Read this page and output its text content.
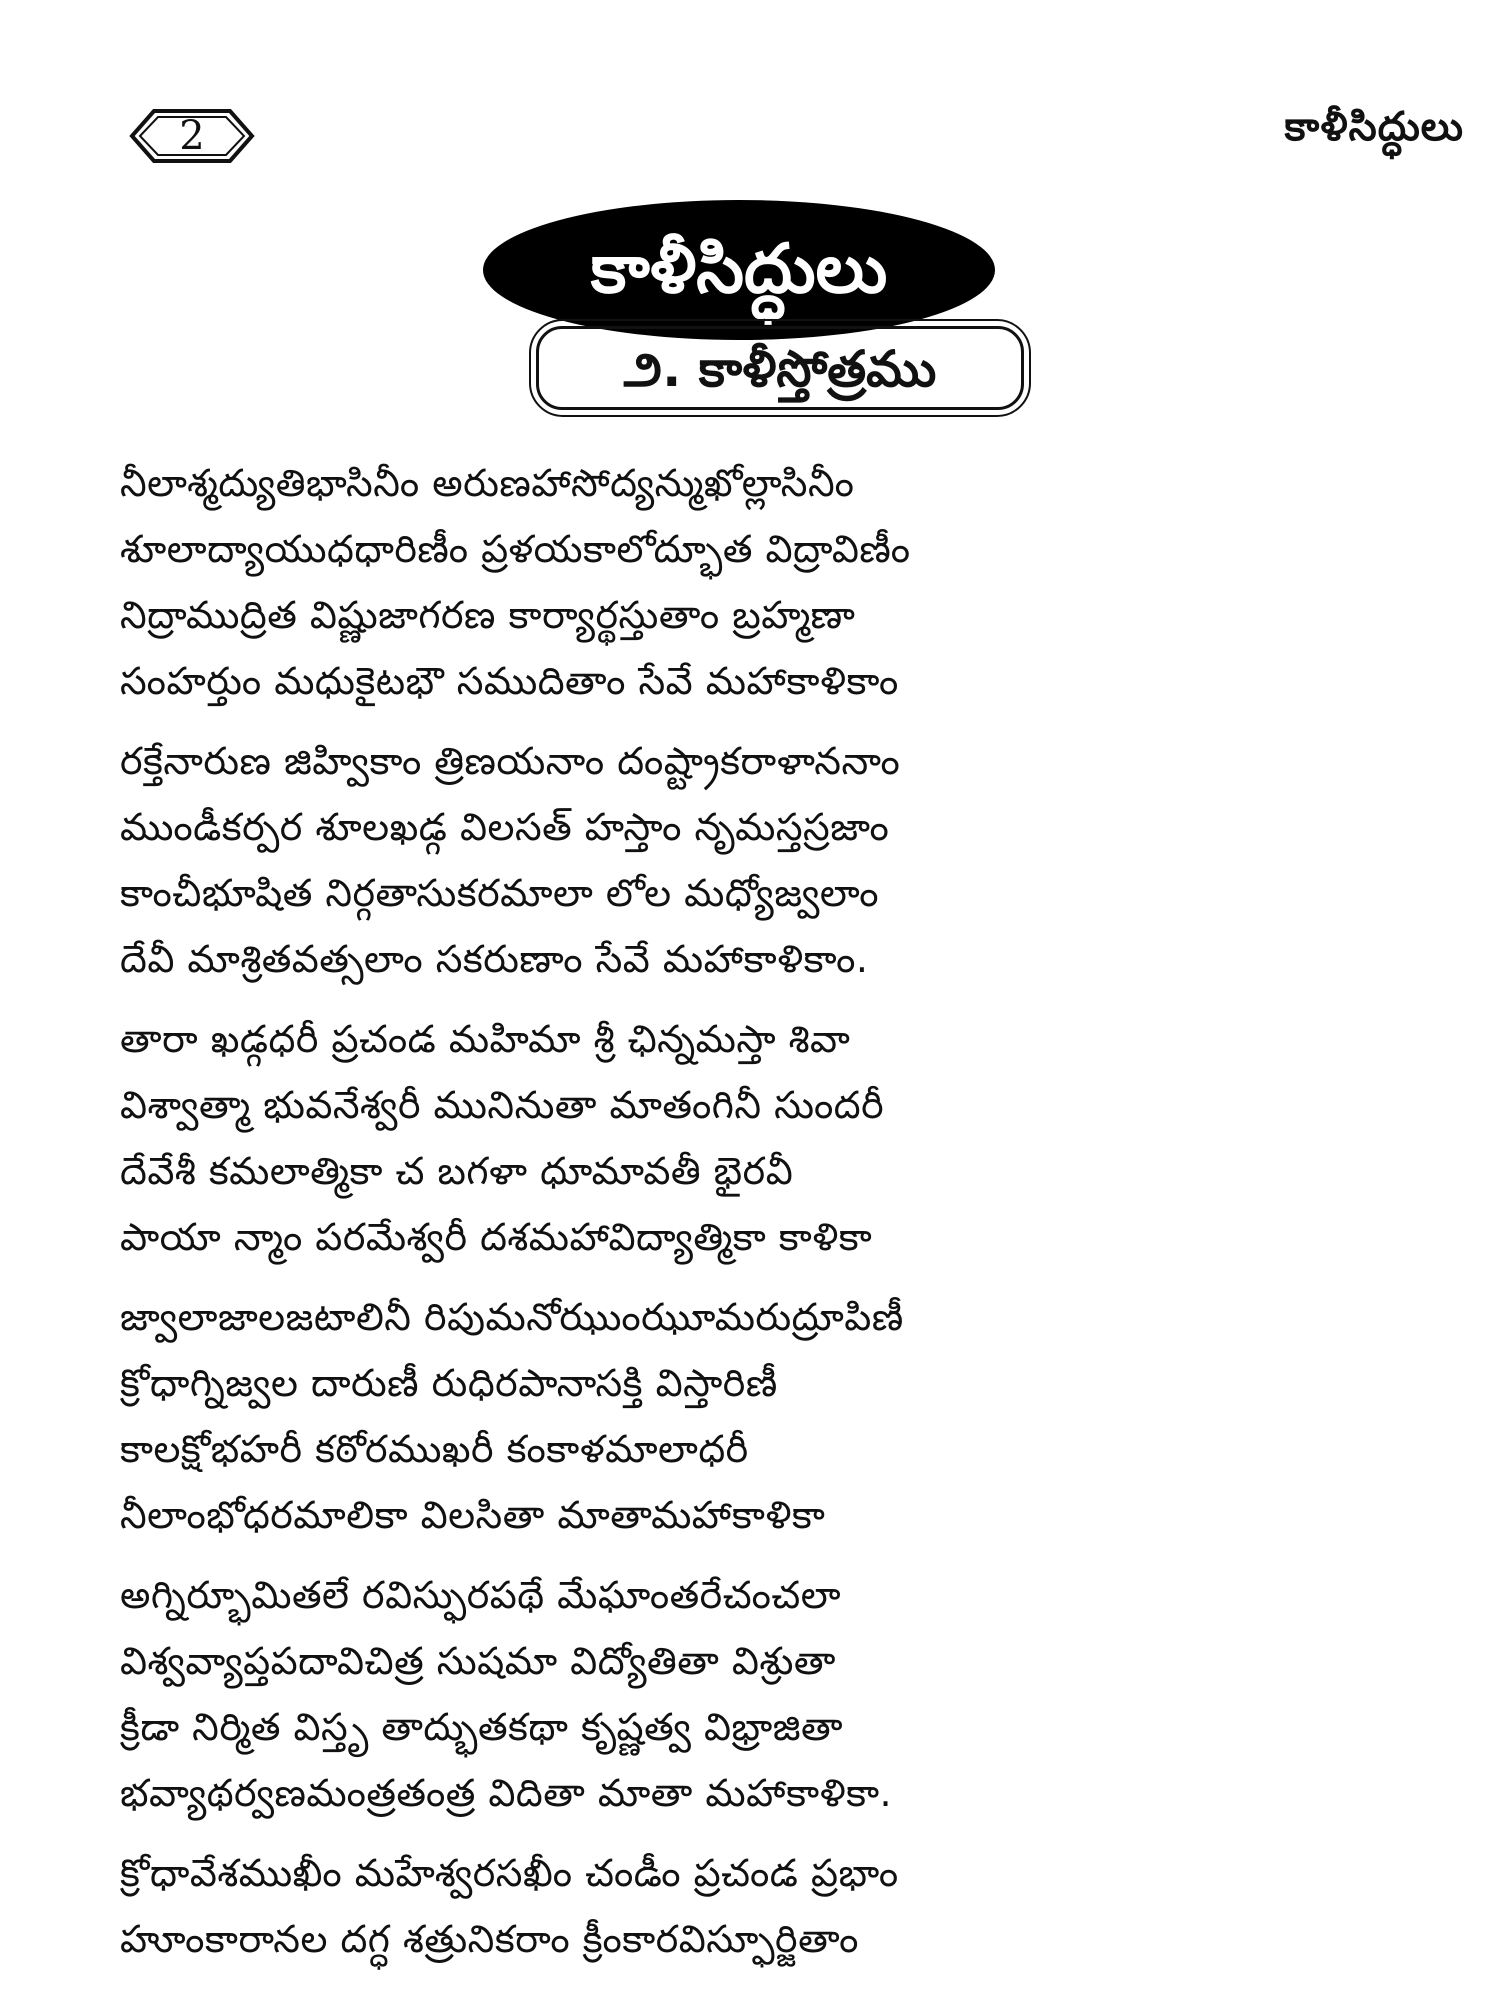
2	కాళీసిద్ధులు
కాళీసిద్ధులు
౨. కాళీస్తోత్రము
నీలాశ్మద్యుతిభాసినీం అరుణహాసోద్యన్ముఖోల్లాసినీం
శూలాద్యాయుధధారిణీం ప్రళయకాలోద్భూత విద్రావిణీం
నిద్రాముద్రిత విష్ణుజాగరణ కార్యార్థస్తుతాం బ్రహ్మణా
సంహర్తుం మధుకైటభౌ సముదితాం సేవే మహాకాళికాం
రక్తేనారుణ జిహ్వికాం త్రిణయనాం దంష్ట్రాకరాళాననాం
ముండీకర్పర శూలఖడ్గ విలసత్ హస్తాం నృమస్తస్రజాం
కాంచీభూషిత నిర్గతాసుకరమాలా లోల మధ్యోజ్వలాం
దేవీ మాశ్రితవత్సలాం సకరుణాం సేవే మహాకాళికాం.
తారా ఖడ్గధరీ ప్రచండ మహిమా శ్రీ ఛిన్నమస్తా శివా
విశ్వాత్మా భువనేశ్వరీ మునినుతా మాతంగినీ సుందరీ
దేవేశీ కమలాత్మికా చ బగళా ధూమావతీ భైరవీ
పాయా న్మాం పరమేశ్వరీ దశమహావిద్యాత్మికా కాళికా
జ్వాలాజాలజటాలినీ రిపుమనోఝుంఝూమరుద్రూపిణీ
క్రోధాగ్నిజ్వల దారుణీ రుధిరపానాసక్తి విస్తారిణీ
కాలక్షోభహరీ కఠోరముఖరీ కంకాళమాలాధరీ
నీలాంభోధరమాలికా విలసితా మాతామహాకాళికా
అగ్నిర్భూమితలే రవిస్ఫురపథే మేఘాంతరేచంచలా
విశ్వవ్యాప్తపదావిచిత్ర సుషమా విద్యోతితా విశ్రుతా
క్రీడా నిర్మిత విస్తృ తాద్భుతకథా కృష్ణత్వ విభ్రాజితా
భవ్యాథర్వణమంత్రతంత్ర విదితా మాతా మహాకాళికా.
క్రోధావేశముఖీం మహేశ్వరసఖీం చండీం ప్రచండ ప్రభాం
హూంకారానల దగ్ధ శత్రునికరాం క్రీంకారవిస్ఫూర్జితాం
